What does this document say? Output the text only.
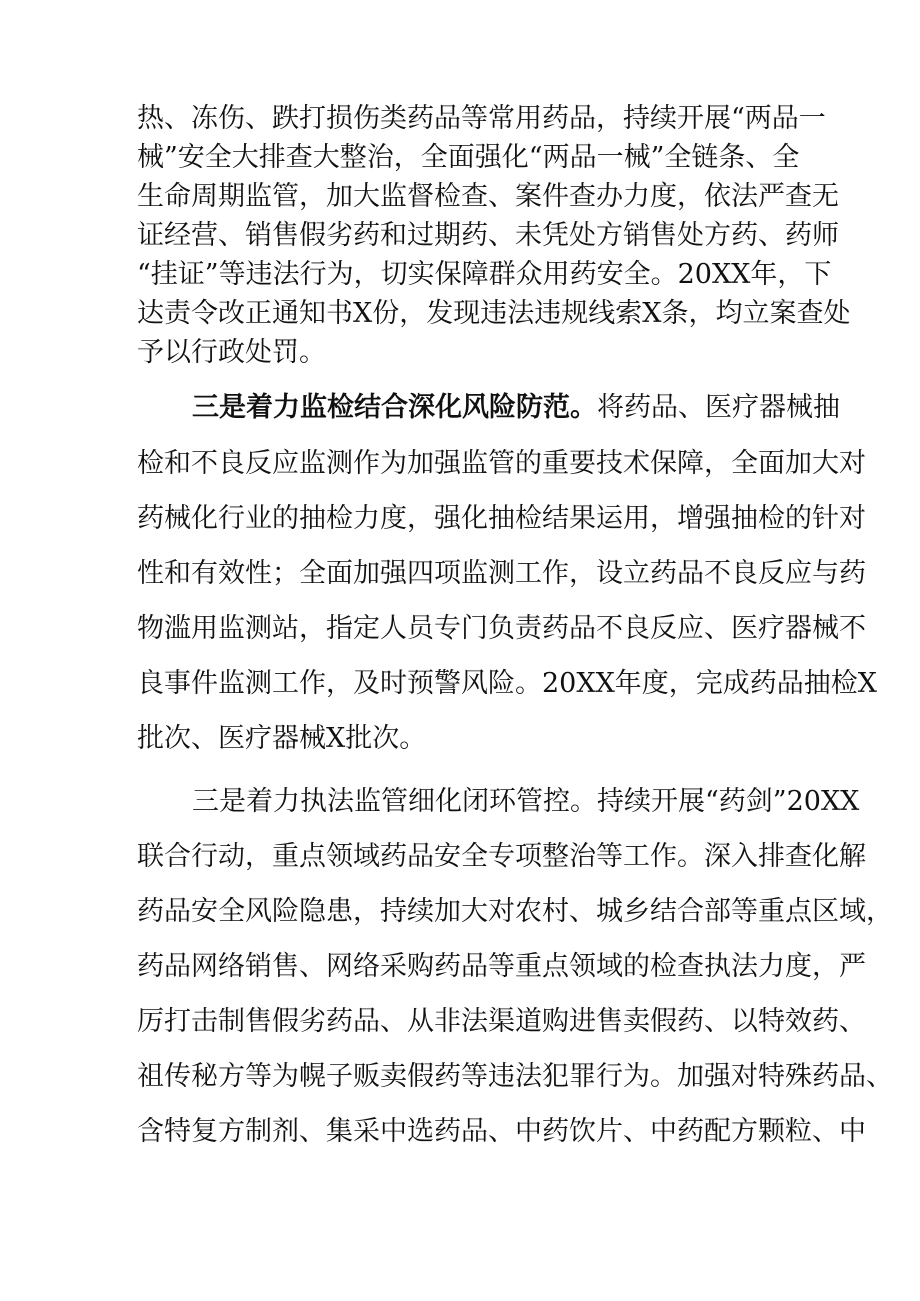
热、冻伤、跌打损伤类药品等常用药品，持续开展“两品一

械”安全大排查大整治，全面强化“两品一械”全链条、全

生命周期监管，加大监督检查、案件查办力度，依法严查无

证经营、销售假劣药和过期药、未凭处方销售处方药、药师

“挂证”等违法行为，切实保障群众用药安全。20XX年，下

达责令改正通知书X份，发现违法违规线索X条，均立案查处

予以行政处罚。

三是着力监检结合深化风险防范。将药品、医疗器械抽

检和不良反应监测作为加强监管的重要技术保障，全面加大对

药械化行业的抽检力度，强化抽检结果运用，增强抽检的针对

性和有效性；全面加强四项监测工作，设立药品不良反应与药

物滥用监测站，指定人员专门负责药品不良反应、医疗器械不

良事件监测工作，及时预警风险。20XX年度，完成药品抽检X

批次、医疗器械X批次。

三是着力执法监管细化闭环管控。持续开展“药剑”20XX

联合行动，重点领域药品安全专项整治等工作。深入排查化解

药品安全风险隐患，持续加大对农村、城乡结合部等重点区域，

药品网络销售、网络采购药品等重点领域的检查执法力度，严

厉打击制售假劣药品、从非法渠道购进售卖假药、以特效药、

祖传秘方等为幌子贩卖假药等违法犯罪行为。加强对特殊药品、

含特复方制剂、集采中选药品、中药饮片、中药配方颗粒、中
